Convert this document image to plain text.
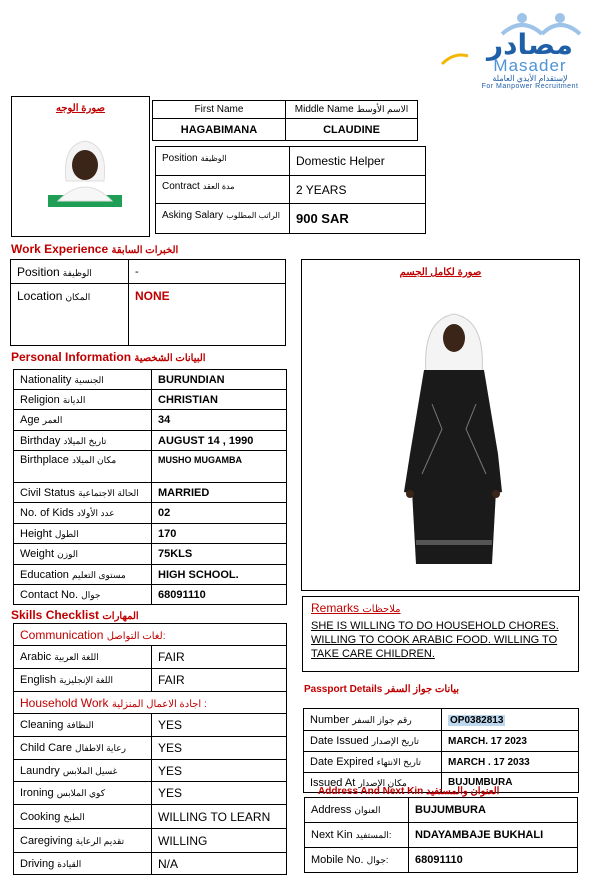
مصادر
Masader
لإستقدام الأيدي العاملة
For Manpower Recruitment
صورة الوجه	First Name	Middle Name الاسم الأوسط
HAGABIMANA	CLAUDINE
Position الوظيفة	Domestic Helper
Contract مدة العقد	2 YEARS
Asking Salary الراتب المطلوب	900 SAR
Work Experience الخبرات السابقة
Position الوظيفة	-
Location المكان	NONE
صورة لكامل الجسم
Personal Information البيانات الشخصية
Nationality الجنسية	BURUNDIAN
Religion الديانة	CHRISTIAN
Age العمر	34
Birthday تاريخ الميلاد	AUGUST 14 , 1990
Birthplace مكان الميلاد	MUSHO MUGAMBA
Civil Status الحالة الاجتماعية	MARRIED
No. of Kids عدد الأولاد	02
Height الطول	170
Weight الوزن	75KLS
Education مستوى التعليم	HIGH SCHOOL.
Contact No. جوال	68091110
Skills Checklist المهارات
Communication لغات التواصل:	
Arabic اللغة العربية	FAIR
English اللغة الإنجليزية	FAIR
Household Work اجادة الاعمال المنزلية :	
Cleaning النظافة	YES
Child Care رعاية الاطفال	YES
Laundry غسيل الملابس	YES
Ironing كوي الملابس	YES
Cooking الطبخ	WILLING TO LEARN
Caregiving تقديم الرعاية	WILLING
Driving القيادة	N/A
Remarks ملاحظات
SHE IS WILLING TO DO HOUSEHOLD CHORES. WILLING TO COOK ARABIC FOOD. WILLING TO TAKE CARE CHILDREN.
Passport Details بيانات جواز السفر
Number رقم جواز السفر	OP0382813
Date Issued تاريخ الإصدار	MARCH. 17 2023
Date Expired تاريخ الانتهاء	MARCH . 17 2033
Issued At مكان الإصدار	BUJUMBURA
Address And Next Kin العنوان والمستفيد
Address العنوان	BUJUMBURA
Next Kin المستفيد:	NDAYAMBAJE BUKHALI
Mobile No. جوال:	68091110
